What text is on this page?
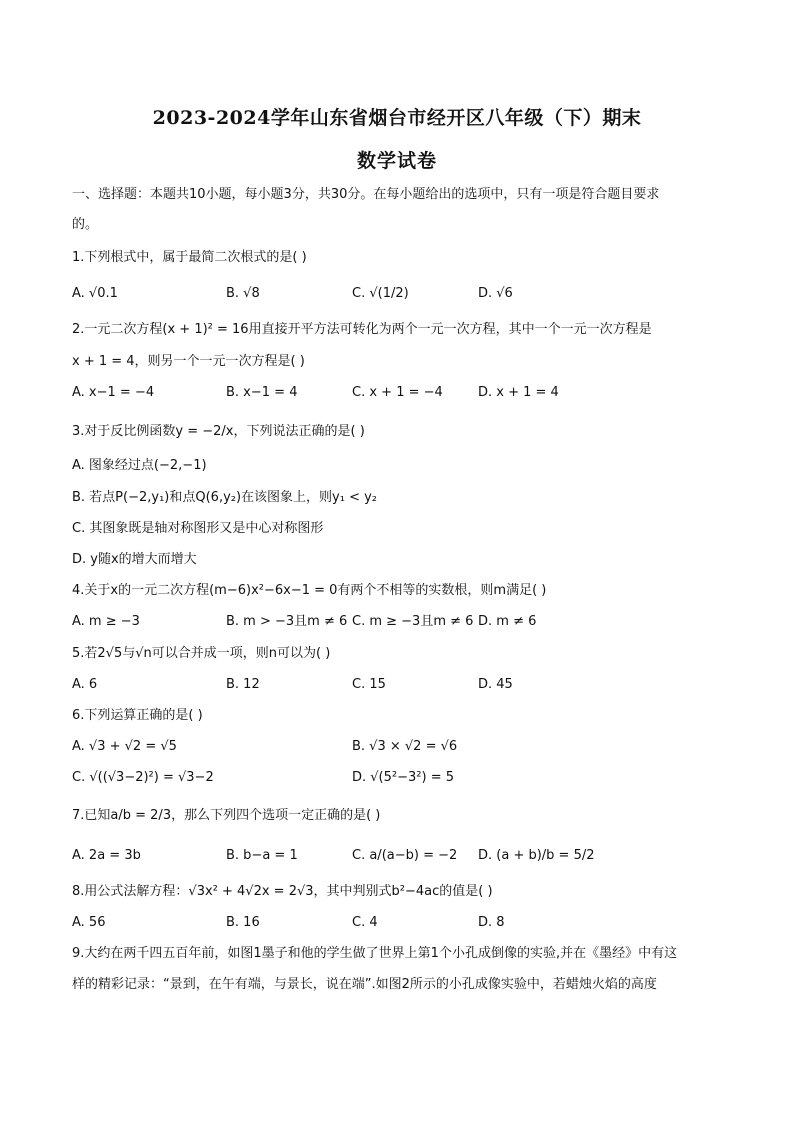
2023-2024学年山东省烟台市经开区八年级（下）期末
数学试卷
一、选择题：本题共10小题，每小题3分，共30分。在每小题给出的选项中，只有一项是符合题目要求
的。
1.下列根式中，属于最简二次根式的是( )
A. √0.1	B. √8	C. √(1/2)	D. √6
2.一元二次方程(x + 1)² = 16用直接开平方法可转化为两个一元一次方程，其中一个一元一次方程是
x + 1 = 4，则另一个一元一次方程是( )
A. x−1 = −4	B. x−1 = 4	C. x + 1 = −4	D. x + 1 = 4
3.对于反比例函数y = −2/x，下列说法正确的是( )
A. 图象经过点(−2,−1)
B. 若点P(−2,y₁)和点Q(6,y₂)在该图象上，则y₁ < y₂
C. 其图象既是轴对称图形又是中心对称图形
D. y随x的增大而增大
4.关于x的一元二次方程(m−6)x²−6x−1 = 0有两个不相等的实数根，则m满足( )
A. m ≥ −3	B. m > −3且m ≠ 6 C. m ≥ −3且m ≠ 6 D. m ≠ 6
5.若2√5与√n可以合并成一项，则n可以为( )
A. 6	B. 12	C. 15	D. 45
6.下列运算正确的是( )
A. √3 + √2 = √5	B. √3 × √2 = √6
C. √((√3−2)²) = √3−2	D. √(5²−3²) = 5
7.已知a/b = 2/3，那么下列四个选项一定正确的是( )
A. 2a = 3b	B. b−a = 1	C. a/(a−b) = −2 D. (a + b)/b = 5/2
8.用公式法解方程：√3x² + 4√2x = 2√3，其中判别式b²−4ac的值是( )
A. 56	B. 16	C. 4	D. 8
9.大约在两千四五百年前，如图1墨子和他的学生做了世界上第1个小孔成倒像的实验,并在《墨经》中有这
样的精彩记录：“景到，在午有端，与景长，说在端”.如图2所示的小孔成像实验中，若蜡烛火焰的高度
